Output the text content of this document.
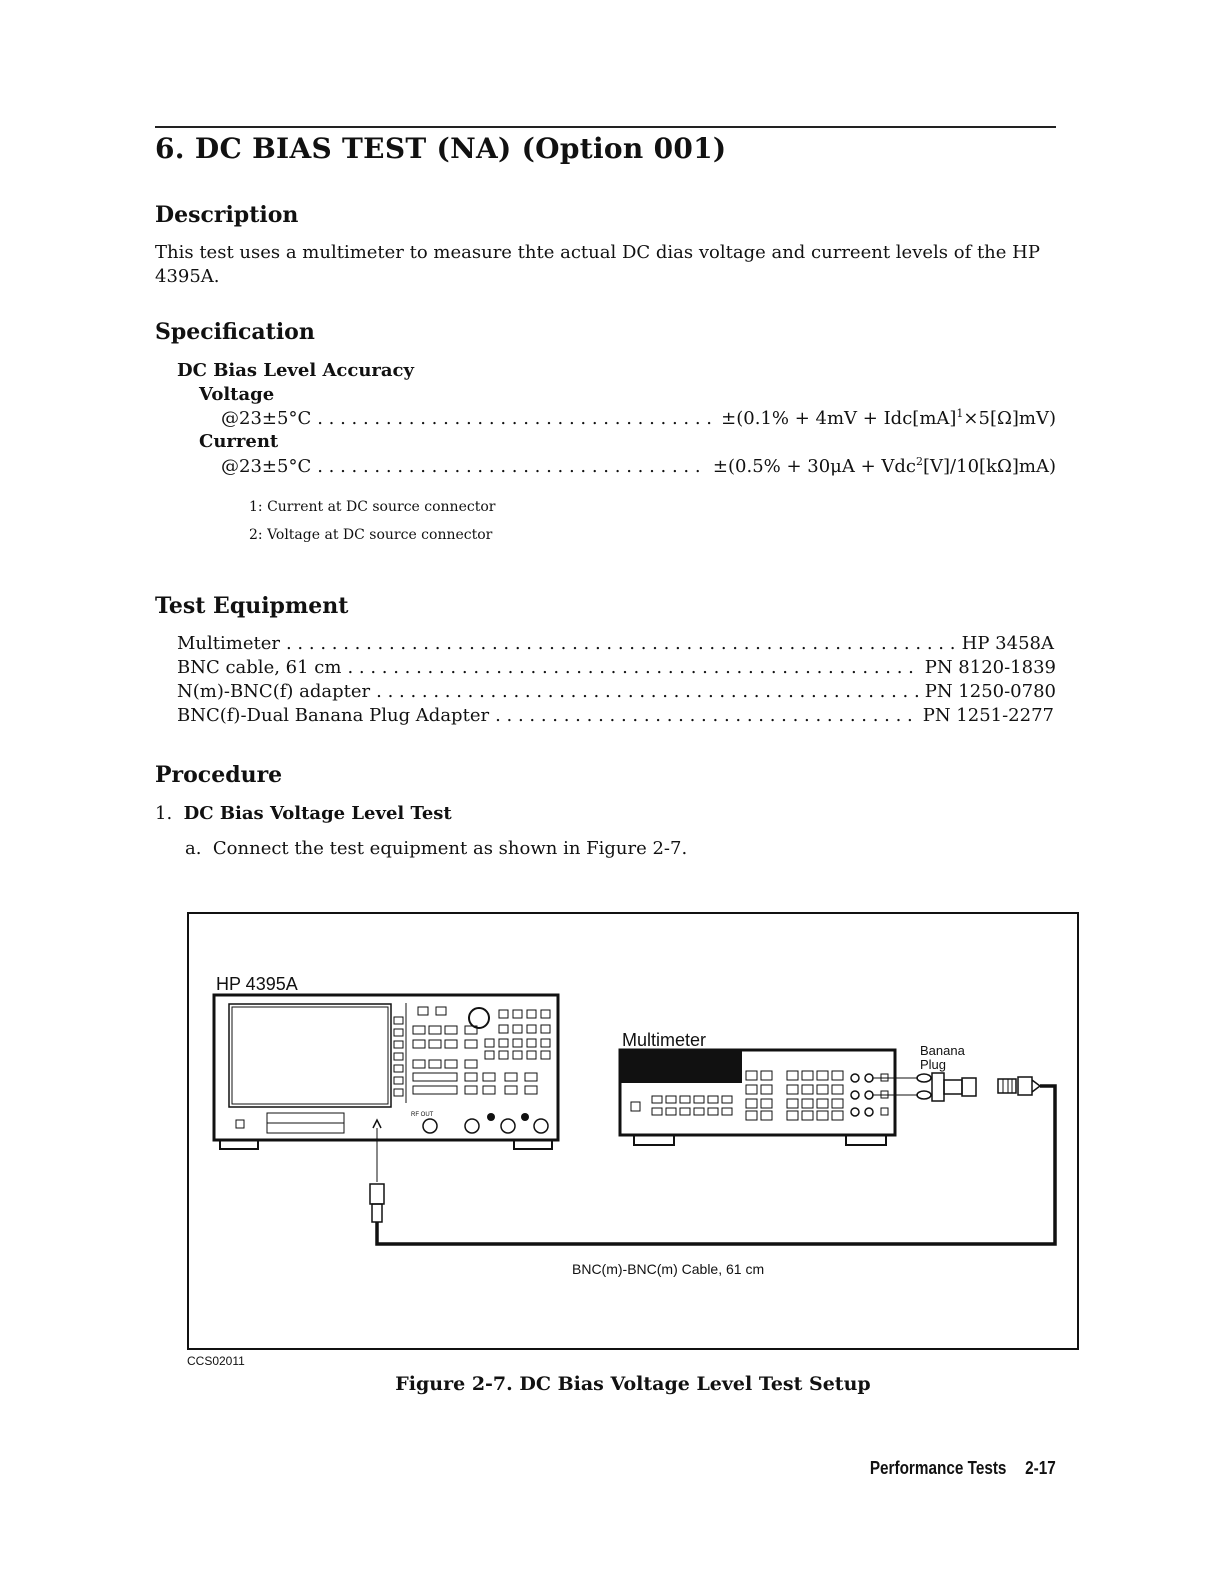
6. DC BIAS TEST (NA) (Option 001)
Description
This test uses a multimeter to measure thte actual DC dias voltage and curreent levels of the HP 4395A.
Specification
DC Bias Level Accuracy
Voltage
@23±5°C . . .	±(0.1% + 4mV + Idc[mA]$^1$×5[Ω]mV)
Current
@23±5°C . . .	±(0.5% + 30μA + Vdc$^2$[V]/10[kΩ]mA)
1: Current at DC source connector
2: Voltage at DC source connector
Test Equipment
Multimeter . . .	HP 3458A
BNC cable, 61 cm . . .	PN 8120-1839
N(m)-BNC(f) adapter . . .	PN 1250-0780
BNC(f)-Dual Banana Plug Adapter . . .	PN 1251-2277
Procedure
1. DC Bias Voltage Level Test
a. Connect the test equipment as shown in Figure 2-7.
HP 4395A
Multimeter
Banana
Plug
RF OUT
BNC(m)-BNC(m) Cable, 61 cm
CCS02011
Figure 2-7. DC Bias Voltage Level Test Setup
Performance Tests 2-17
